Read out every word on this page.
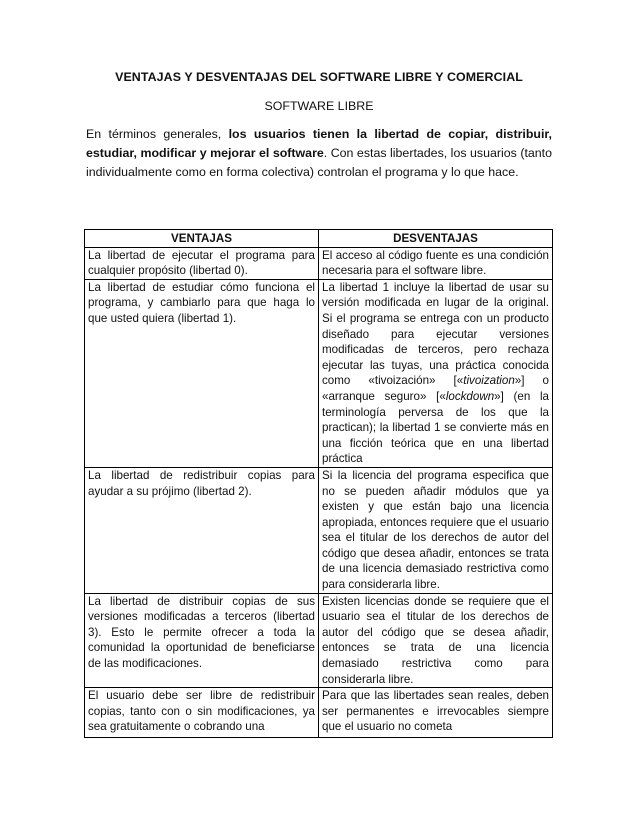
VENTAJAS Y DESVENTAJAS DEL SOFTWARE LIBRE Y COMERCIAL
SOFTWARE LIBRE

En términos generales, los usuarios tienen la libertad de copiar, distribuir, estudiar, modificar y mejorar el software. Con estas libertades, los usuarios (tanto individualmente como en forma colectiva) controlan el programa y lo que hace.

VENTAJAS	DESVENTAJAS
La libertad de ejecutar el programa para cualquier propósito (libertad 0).	El acceso al código fuente es una condición necesaria para el software libre.
La libertad de estudiar cómo funciona el programa, y cambiarlo para que haga lo que usted quiera (libertad 1).	La libertad 1 incluye la libertad de usar su versión modificada en lugar de la original. Si el programa se entrega con un producto diseñado para ejecutar versiones modificadas de terceros, pero rechaza ejecutar las tuyas, una práctica conocida como «tivoización» [«tivoization»] o «arranque seguro» [«lockdown»] (en la terminología perversa de los que la practican); la libertad 1 se convierte más en una ficción teórica que en una libertad práctica
La libertad de redistribuir copias para ayudar a su prójimo (libertad 2).	Si la licencia del programa especifica que no se pueden añadir módulos que ya existen y que están bajo una licencia apropiada, entonces requiere que el usuario sea el titular de los derechos de autor del código que desea añadir, entonces se trata de una licencia demasiado restrictiva como para considerarla libre.
La libertad de distribuir copias de sus versiones modificadas a terceros (libertad 3). Esto le permite ofrecer a toda la comunidad la oportunidad de beneficiarse de las modificaciones.	Existen licencias donde se requiere que el usuario sea el titular de los derechos de autor del código que se desea añadir, entonces se trata de una licencia demasiado restrictiva como para considerarla libre.
El usuario debe ser libre de redistribuir copias, tanto con o sin modificaciones, ya sea gratuitamente o cobrando una	Para que las libertades sean reales, deben ser permanentes e irrevocables siempre que el usuario no cometa
